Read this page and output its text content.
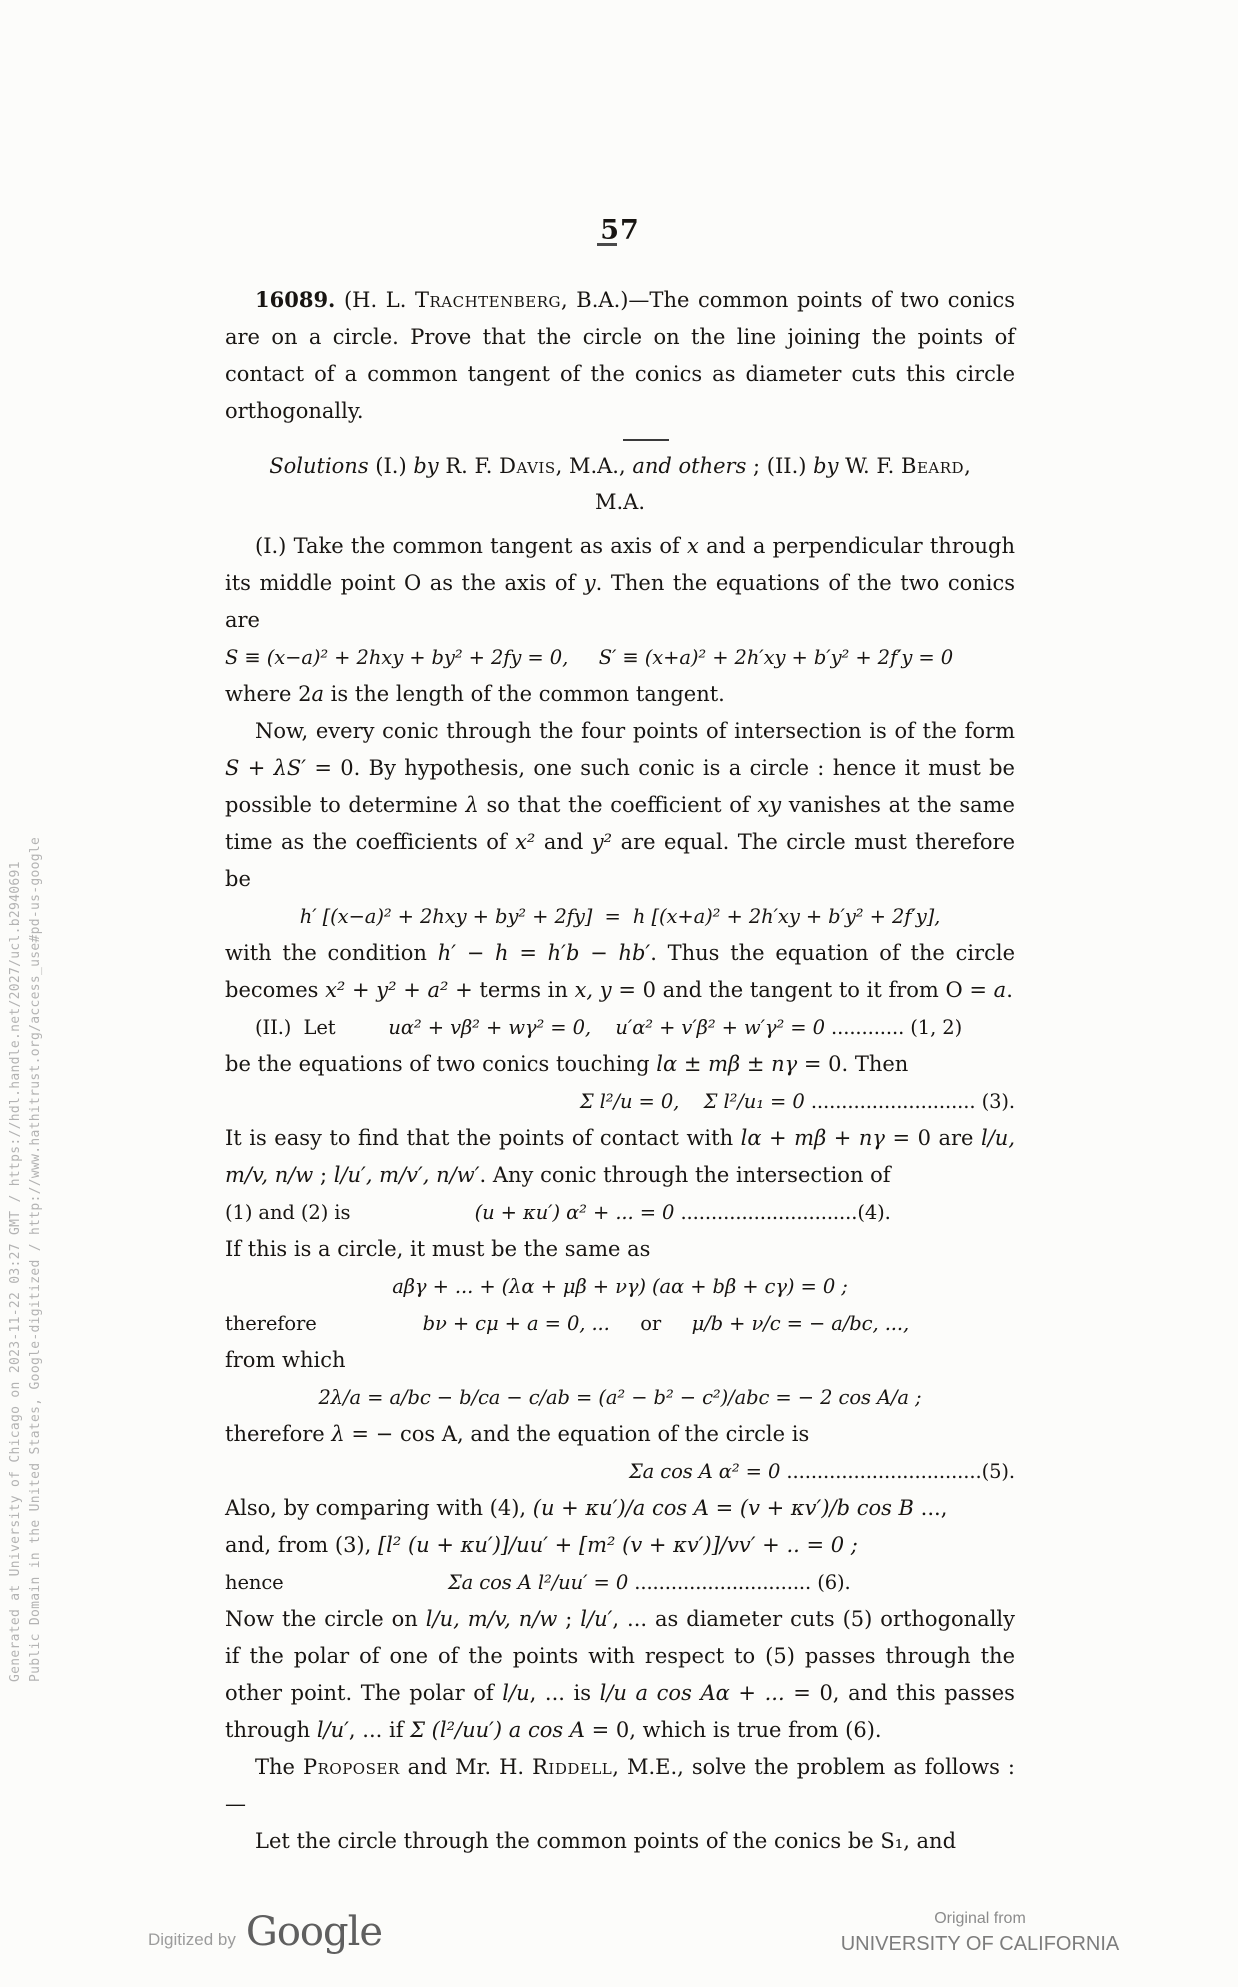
Generated at University of Chicago on 2023-11-22 03:27 GMT / https://hdl.handle.net/2027/ucl.b2940691 Public Domain in the United States, Google-digitized / http://www.hathitrust.org/access_use#pd-us-google
57
16089. (H. L. Trachtenberg, B.A.)—The common points of two conics are on a circle. Prove that the circle on the line joining the points of contact of a common tangent of the conics as diameter cuts this circle orthogonally.
Solutions (I.) by R. F. Davis, M.A., and others ; (II.) by W. F. Beard,
M.A.
(I.) Take the common tangent as axis of x and a perpendicular through its middle point O as the axis of y. Then the equations of the two conics are
S ≡ (x−a)² + 2hxy + by² + 2fy = 0, S′ ≡ (x+a)² + 2h′xy + b′y² + 2f′y = 0
where 2a is the length of the common tangent.
Now, every conic through the four points of intersection is of the form S + λS′ = 0. By hypothesis, one such conic is a circle : hence it must be possible to determine λ so that the coefficient of xy vanishes at the same time as the coefficients of x² and y² are equal. The circle must therefore be
h′ [(x−a)² + 2hxy + by² + 2fy]  =  h [(x+a)² + 2h′xy + b′y² + 2f′y],
with the condition h′ − h = h′b − hb′. Thus the equation of the circle becomes x² + y² + a² + terms in x, y = 0 and the tangent to it from O = a.
(II.)  Let	uα² + vβ² + wγ² = 0,    u′α² + v′β² + w′γ² = 0 ............ (1, 2)
be the equations of two conics touching lα ± mβ ± nγ = 0. Then
Σ l²/u = 0,    Σ l²/u₁ = 0 ........................... (3).
It is easy to find that the points of contact with lα + mβ + nγ = 0 are l/u, m/v, n/w ; l/u′, m/v′, n/w′. Any conic through the intersection of
(1) and (2) is	(u + κu′) α² + ... = 0 .............................(4).
If this is a circle, it must be the same as
aβγ + ... + (λα + μβ + νγ) (aα + bβ + cγ) = 0 ;
therefore	bν + cμ + a = 0, ...     or     μ/b + ν/c = − a/bc, ...,
from which
2λ/a = a/bc − b/ca − c/ab = (a² − b² − c²)/abc = − 2 cos A/a ;
therefore λ = − cos A, and the equation of the circle is
Σa cos A α² = 0 ................................(5).
Also, by comparing with (4), (u + κu′)/a cos A = (v + κv′)/b cos B ...,
and, from (3), [l² (u + κu′)]/uu′ + [m² (v + κv′)]/vv′ + .. = 0 ;
hence	Σa cos A l²/uu′ = 0 ............................. (6).
Now the circle on l/u, m/v, n/w ; l/u′, ... as diameter cuts (5) orthogonally if the polar of one of the points with respect to (5) passes through the other point. The polar of l/u, ... is l/u a cos Aα + ... = 0, and this passes through l/u′, ... if Σ (l²/uu′) a cos A = 0, which is true from (6).
The Proposer and Mr. H. Riddell, M.E., solve the problem as follows :—
Let the circle through the common points of the conics be S₁, and
Digitized by Google	Original from
UNIVERSITY OF CALIFORNIA
